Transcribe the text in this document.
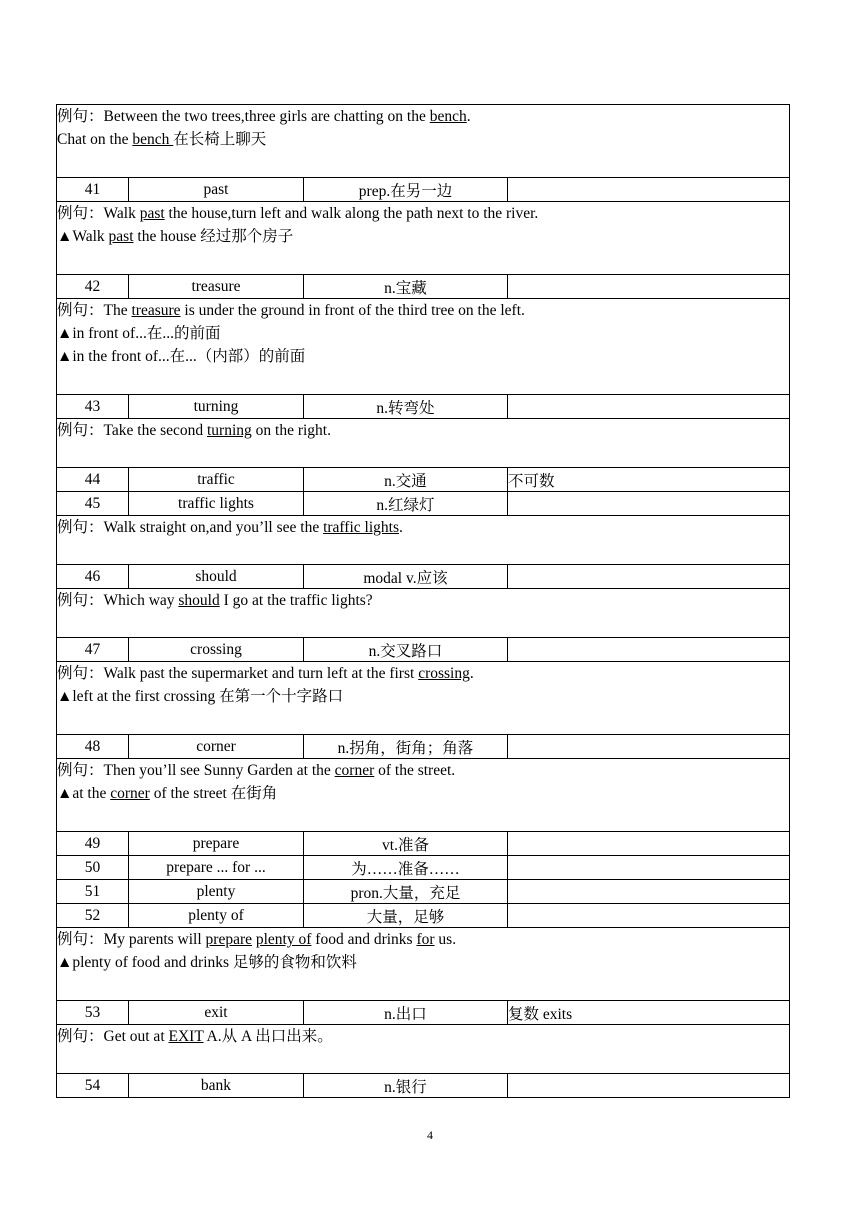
例句：Between the two trees,three girls are chatting on the bench.

Chat on the bench 在长椅上聊天			

41	past	prep.在另一边	

例句：Walk past the house,turn left and walk along the path next to the river.

▲Walk past the house 经过那个房子			

42	treasure	n.宝藏	

例句：The treasure is under the ground in front of the third tree on the left.

▲in front of...在...的前面

▲in the front of...在...（内部）的前面			

43	turning	n.转弯处	

例句：Take the second turning on the right.			

44	traffic	n.交通	不可数
45	traffic lights	n.红绿灯	

例句：Walk straight on,and you’ll see the traffic lights.			

46	should	modal v.应该	

例句：Which way should I go at the traffic lights?			

47	crossing	n.交叉路口	

例句：Walk past the supermarket and turn left at the first crossing.

▲left at the first crossing 在第一个十字路口			

48	corner	n.拐角，街角；角落	

例句：Then you’ll see Sunny Garden at the corner of the street.

▲at the corner of the street 在街角			

49	prepare	vt.准备	
50	prepare ... for ...	为……准备……	
51	plenty	pron.大量，充足	
52	plenty of	大量，足够	

例句：My parents will prepare plenty of food and drinks for us.

▲plenty of food and drinks 足够的食物和饮料			

53	exit	n.出口	复数 exits

例句：Get out at EXIT A.从 A 出口出来。			

54	bank	n.银行	
4
